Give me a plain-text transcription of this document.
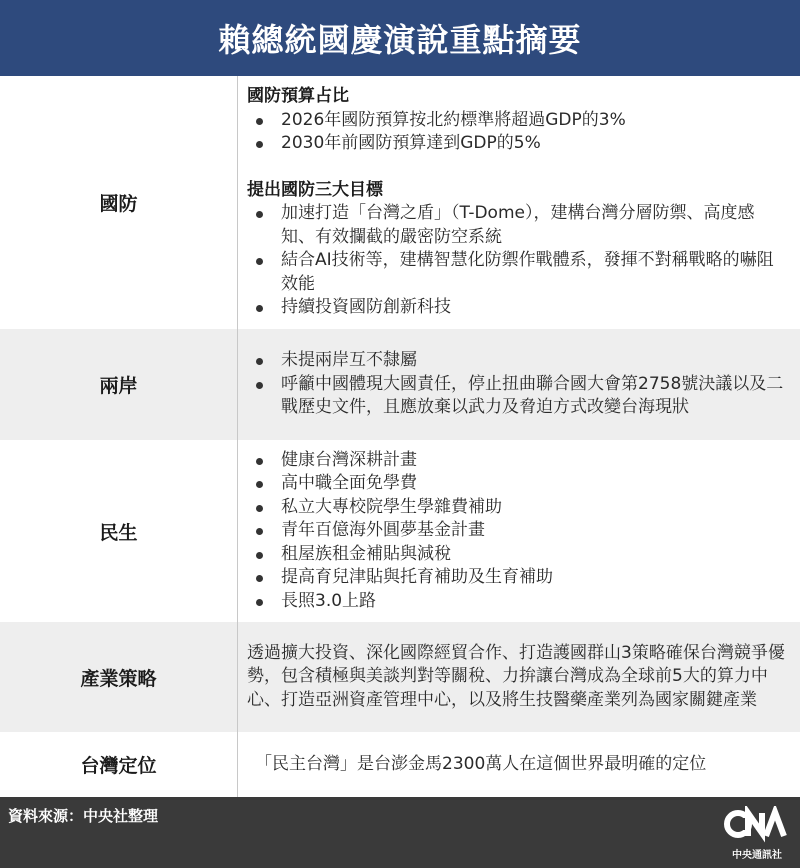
賴總統國慶演說重點摘要
國防
國防預算占比
2026年國防預算按北約標準將超過GDP的3%
2030年前國防預算達到GDP的5%
提出國防三大目標
加速打造「台灣之盾」（T-Dome），建構台灣分層防禦、高度感知、有效攔截的嚴密防空系統
結合AI技術等，建構智慧化防禦作戰體系，發揮不對稱戰略的嚇阻效能
持續投資國防創新科技
兩岸
未提兩岸互不隸屬
呼籲中國體現大國責任，停止扭曲聯合國大會第2758號決議以及二戰歷史文件，且應放棄以武力及脅迫方式改變台海現狀
民生
健康台灣深耕計畫
高中職全面免學費
私立大專校院學生學雜費補助
青年百億海外圓夢基金計畫
租屋族租金補貼與減稅
提高育兒津貼與托育補助及生育補助
長照3.0上路
產業策略
透過擴大投資、深化國際經貿合作、打造護國群山3策略確保台灣競爭優勢，包含積極與美談判對等關稅、力拚讓台灣成為全球前5大的算力中心、打造亞洲資產管理中心，以及將生技醫藥產業列為國家關鍵產業
台灣定位	「民主台灣」是台澎金馬2300萬人在這個世界最明確的定位
資料來源：中央社整理
中央通訊社
